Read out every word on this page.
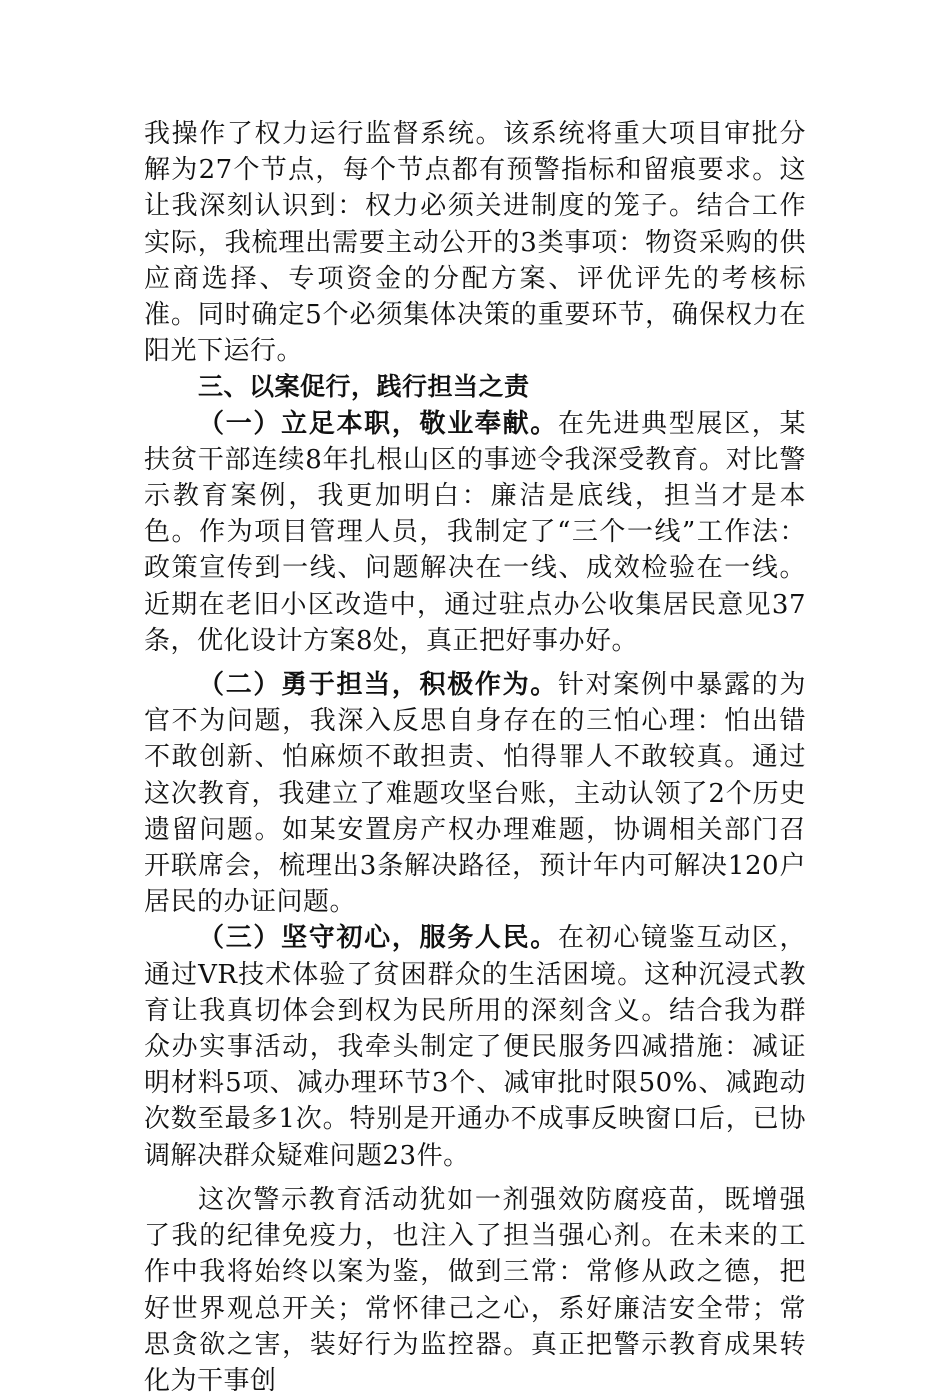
我操作了权力运行监督系统。该系统将重大项目审批分解为27个节点，每个节点都有预警指标和留痕要求。这让我深刻认识到：权力必须关进制度的笼子。结合工作实际，我梳理出需要主动公开的3类事项：物资采购的供应商选择、专项资金的分配方案、评优评先的考核标准。同时确定5个必须集体决策的重要环节，确保权力在阳光下运行。

三、以案促行，践行担当之责

（一）立足本职，敬业奉献。在先进典型展区，某扶贫干部连续8年扎根山区的事迹令我深受教育。对比警示教育案例，我更加明白：廉洁是底线，担当才是本色。作为项目管理人员，我制定了“三个一线”工作法：政策宣传到一线、问题解决在一线、成效检验在一线。近期在老旧小区改造中，通过驻点办公收集居民意见37条，优化设计方案8处，真正把好事办好。

（二）勇于担当，积极作为。针对案例中暴露的为官不为问题，我深入反思自身存在的三怕心理：怕出错不敢创新、怕麻烦不敢担责、怕得罪人不敢较真。通过这次教育，我建立了难题攻坚台账，主动认领了2个历史遗留问题。如某安置房产权办理难题，协调相关部门召开联席会，梳理出3条解决路径，预计年内可解决120户居民的办证问题。

（三）坚守初心，服务人民。在初心镜鉴互动区，通过VR技术体验了贫困群众的生活困境。这种沉浸式教育让我真切体会到权为民所用的深刻含义。结合我为群众办实事活动，我牵头制定了便民服务四减措施：减证明材料5项、减办理环节3个、减审批时限50%、减跑动次数至最多1次。特别是开通办不成事反映窗口后，已协调解决群众疑难问题23件。

这次警示教育活动犹如一剂强效防腐疫苗，既增强了我的纪律免疫力，也注入了担当强心剂。在未来的工作中我将始终以案为鉴，做到三常：常修从政之德，把好世界观总开关；常怀律己之心，系好廉洁安全带；常思贪欲之害，装好行为监控器。真正把警示教育成果转化为干事创
